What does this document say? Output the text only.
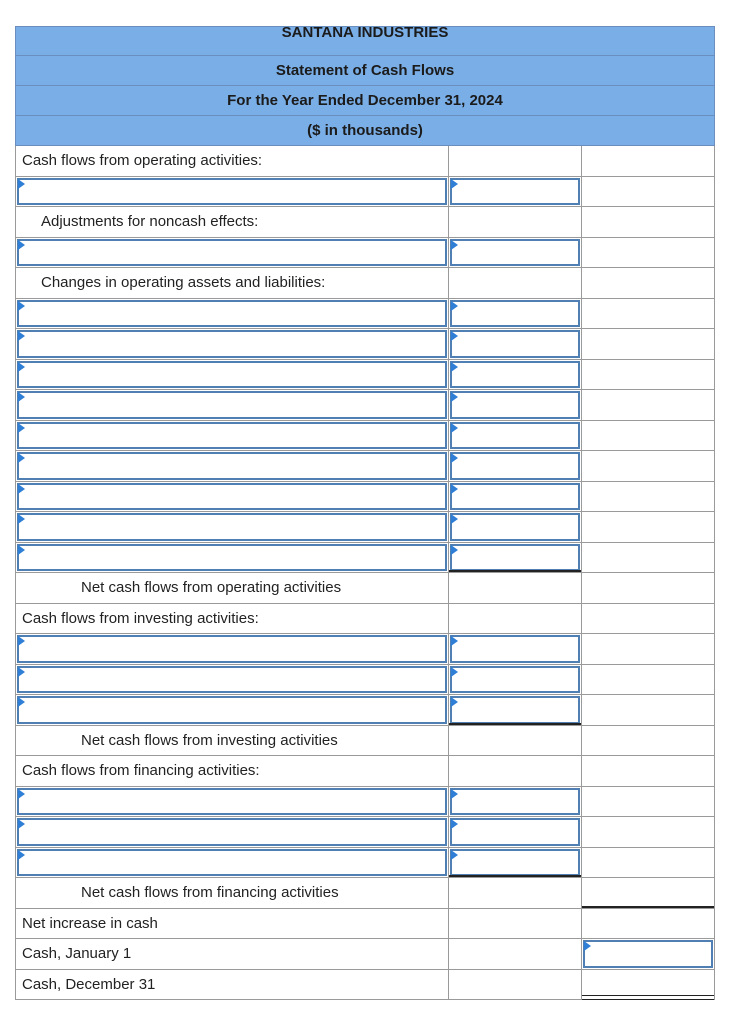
SANTANA INDUSTRIES
Statement of Cash Flows
For the Year Ended December 31, 2024
($ in thousands)
Cash flows from operating activities:
Adjustments for noncash effects:
Changes in operating assets and liabilities:
Net cash flows from operating activities
Cash flows from investing activities:
Net cash flows from investing activities
Cash flows from financing activities:
Net cash flows from financing activities
Net increase in cash
Cash, January 1
Cash, December 31
